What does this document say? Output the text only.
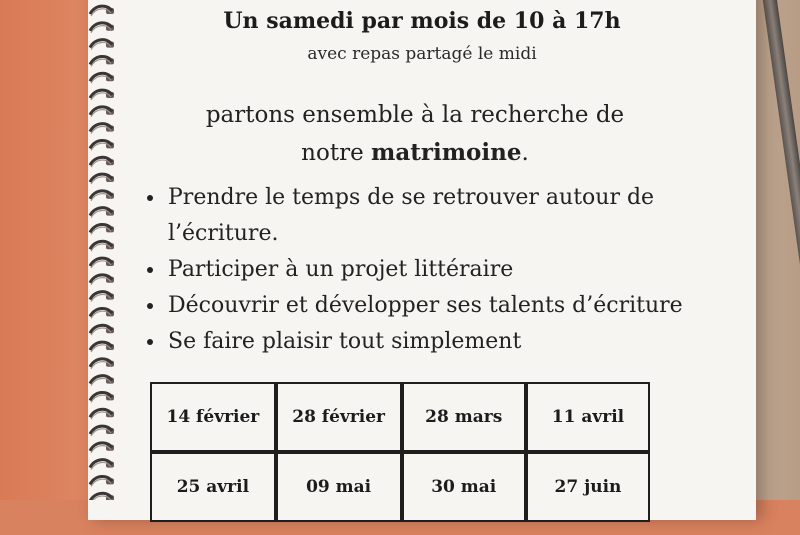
Un samedi par mois de 10 à 17h
avec repas partagé le midi
partons ensemble à la recherche de
notre matrimoine.
• Prendre le temps de se retrouver autour de l’écriture.
• Participer à un projet littéraire
• Découvrir et développer ses talents d’écriture
• Se faire plaisir tout simplement
14 février	28 février	28 mars	11 avril
25 avril	09 mai	30 mai	27 juin
